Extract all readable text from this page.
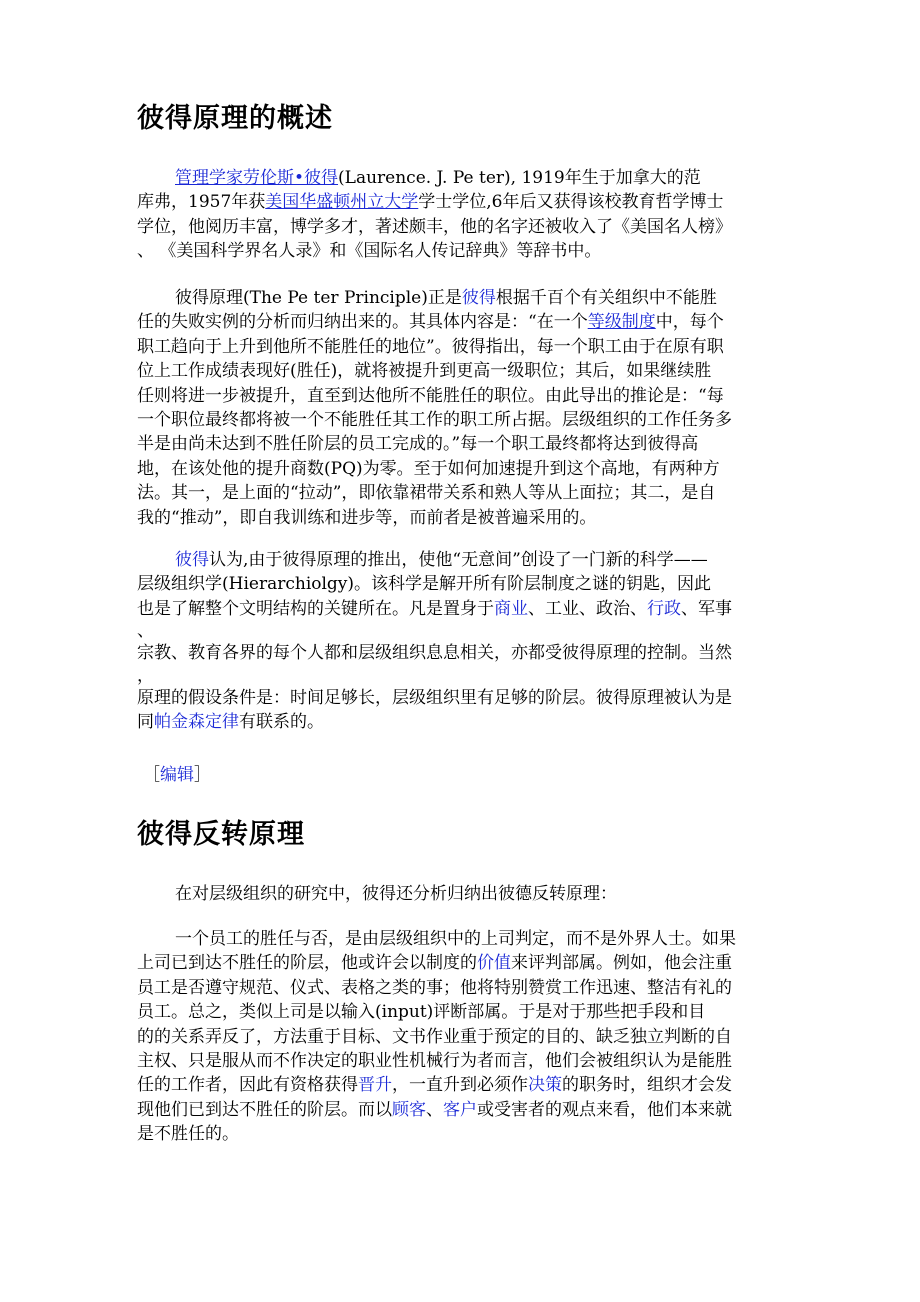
彼得原理的概述
管理学家劳伦斯•彼得(Laurence. J. Pe ter), 1919年生于加拿大的范
库弗，1957年获美国华盛顿州立大学学士学位,6年后又获得该校教育哲学博士
学位，他阅历丰富，博学多才，著述颇丰，他的名字还被收入了《美国名人榜》
、 《美国科学界名人录》和《国际名人传记辞典》等辞书中。
彼得原理(The Pe ter Principle)正是彼得根据千百个有关组织中不能胜
任的失败实例的分析而归纳出来的。其具体内容是：“在一个等级制度中，每个
职工趋向于上升到他所不能胜任的地位”。彼得指出，每一个职工由于在原有职
位上工作成绩表现好(胜任)，就将被提升到更高一级职位；其后，如果继续胜
任则将进一步被提升，直至到达他所不能胜任的职位。由此导出的推论是：“每
一个职位最终都将被一个不能胜任其工作的职工所占据。层级组织的工作任务多
半是由尚未达到不胜任阶层的员工完成的。”每一个职工最终都将达到彼得高
地，在该处他的提升商数(PQ)为零。至于如何加速提升到这个高地，有两种方
法。其一，是上面的“拉动”，即依靠裙带关系和熟人等从上面拉；其二，是自
我的“推动”，即自我训练和进步等，而前者是被普遍采用的。
彼得认为,由于彼得原理的推出，使他“无意间”创设了一门新的科学——
层级组织学(Hierarchiolgy)。该科学是解开所有阶层制度之谜的钥匙，因此
也是了解整个文明结构的关键所在。凡是置身于商业、工业、政治、行政、军事
、
宗教、教育各界的每个人都和层级组织息息相关，亦都受彼得原理的控制。当然
，
原理的假设条件是：时间足够长，层级组织里有足够的阶层。彼得原理被认为是
同帕金森定律有联系的。
［编辑］
彼得反转原理
在对层级组织的研究中，彼得还分析归纳出彼德反转原理：
一个员工的胜任与否，是由层级组织中的上司判定，而不是外界人士。如果
上司已到达不胜任的阶层，他或许会以制度的价值来评判部属。例如，他会注重
员工是否遵守规范、仪式、表格之类的事；他将特别赞赏工作迅速、整洁有礼的
员工。总之，类似上司是以输入(input)评断部属。于是对于那些把手段和目
的的关系弄反了，方法重于目标、文书作业重于预定的目的、缺乏独立判断的自
主权、只是服从而不作决定的职业性机械行为者而言，他们会被组织认为是能胜
任的工作者，因此有资格获得晋升，一直升到必须作决策的职务时，组织才会发
现他们已到达不胜任的阶层。而以顾客、客户或受害者的观点来看，他们本来就
是不胜任的。
